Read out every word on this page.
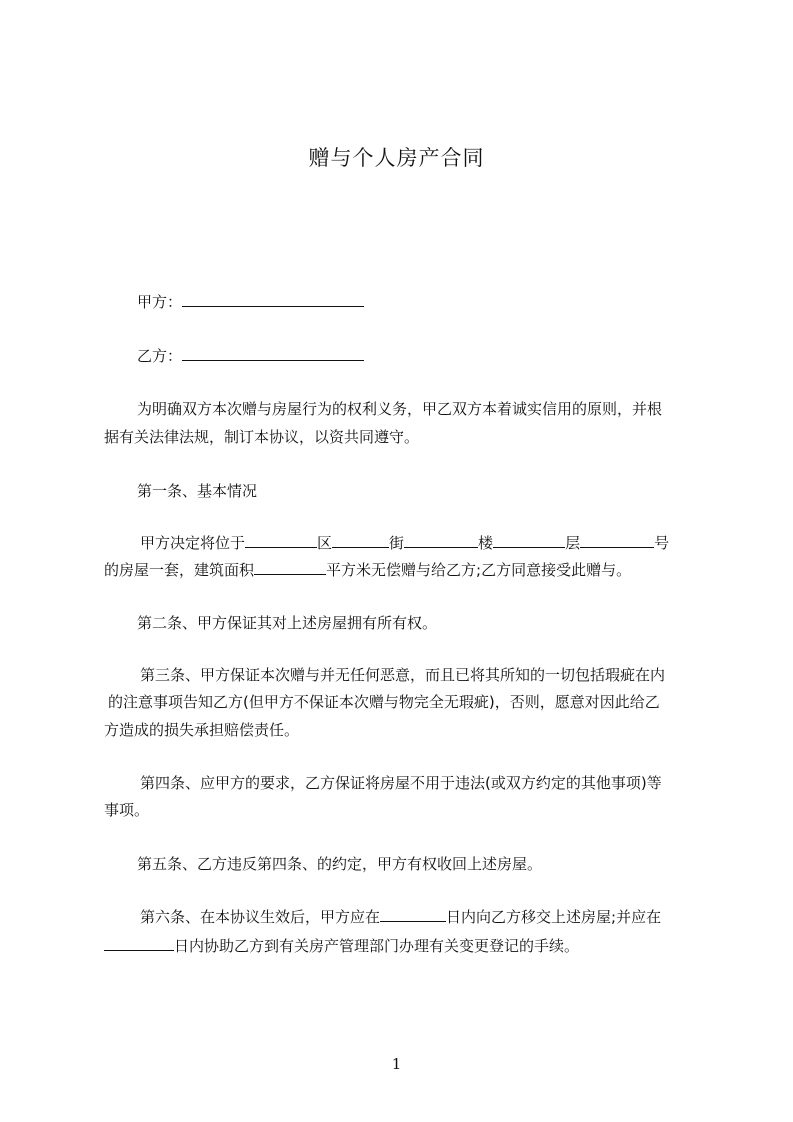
赠与个人房产合同
甲方：
乙方：
为明确双方本次赠与房屋行为的权利义务，甲乙双方本着诚实信用的原则，并根
据有关法律法规，制订本协议，以资共同遵守。
第一条、基本情况
甲方决定将位于	区	街	楼	层	号
的房屋一套，建筑面积	平方米无偿赠与给乙方;乙方同意接受此赠与。
第二条、甲方保证其对上述房屋拥有所有权。
第三条、甲方保证本次赠与并无任何恶意，而且已将其所知的一切包括瑕疵在内
的注意事项告知乙方(但甲方不保证本次赠与物完全无瑕疵)，否则，愿意对因此给乙
方造成的损失承担赔偿责任。
第四条、应甲方的要求，乙方保证将房屋不用于违法(或双方约定的其他事项)等
事项。
第五条、乙方违反第四条、的约定，甲方有权收回上述房屋。
第六条、在本协议生效后，甲方应在	日内向乙方移交上述房屋;并应在
日内协助乙方到有关房产管理部门办理有关变更登记的手续。
1
